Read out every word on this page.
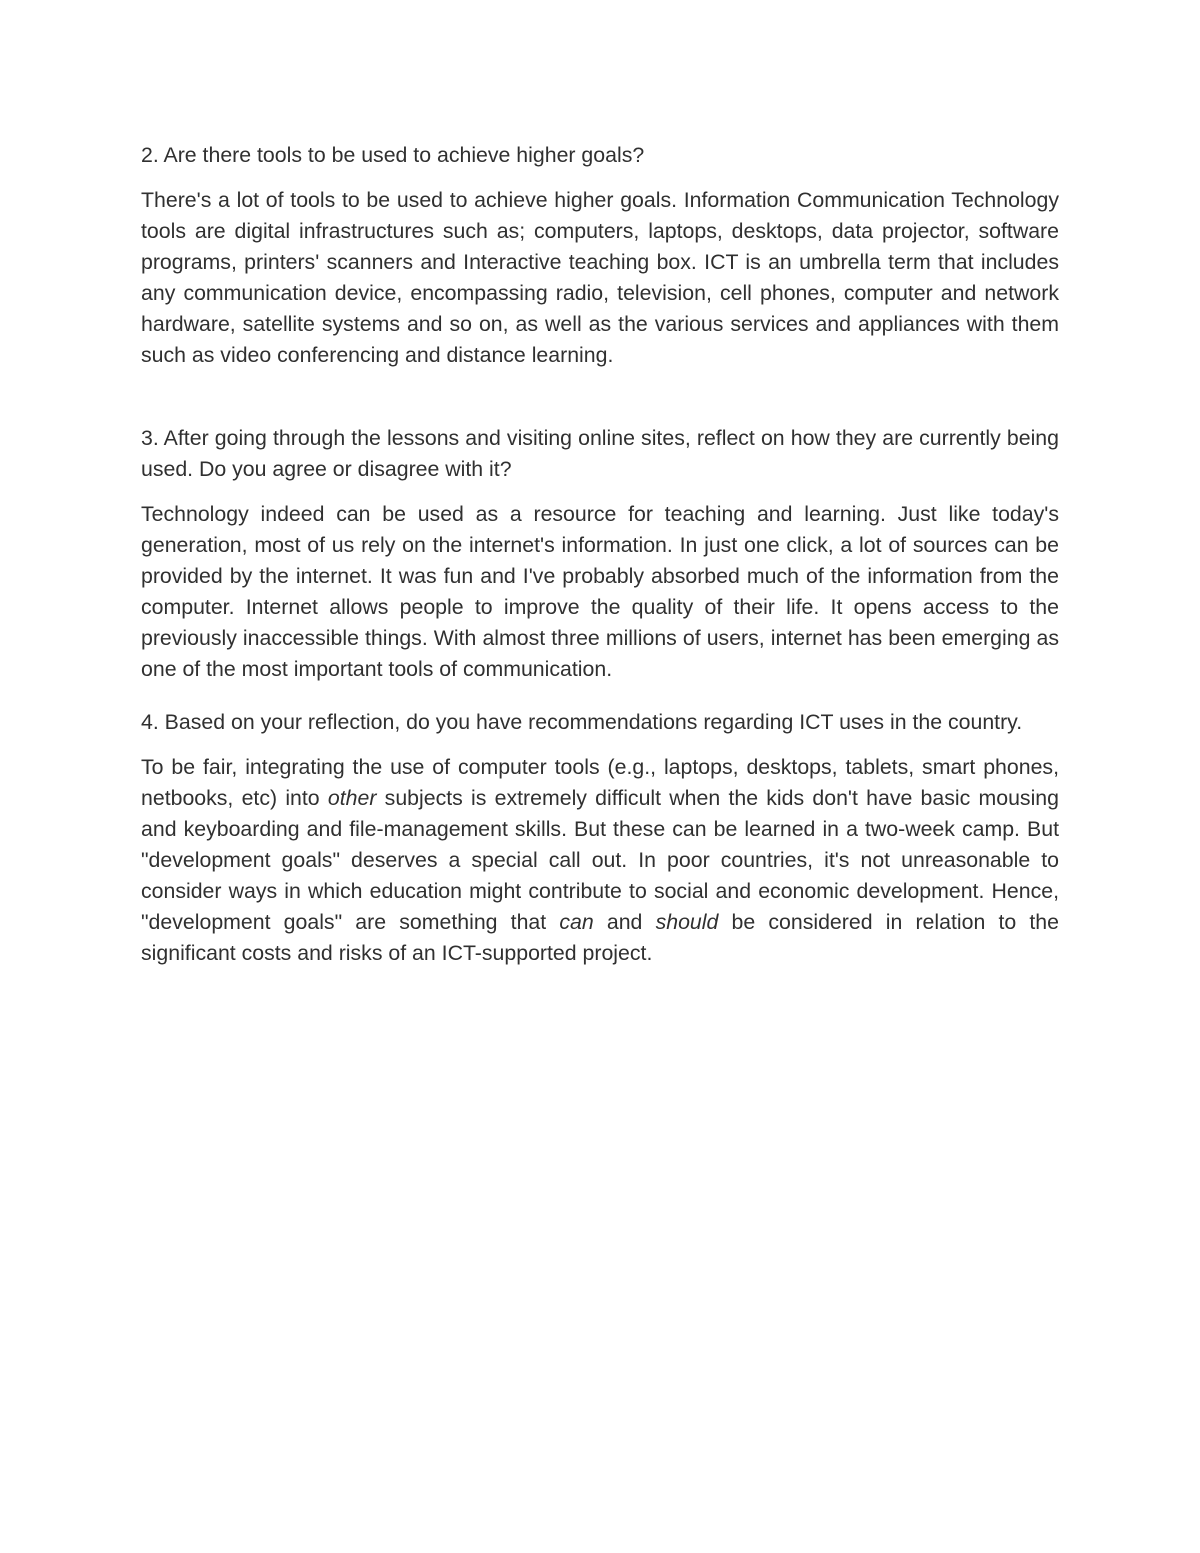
2. Are there tools to be used to achieve higher goals?

There's a lot of tools to be used to achieve higher goals. Information Communication Technology tools are digital infrastructures such as; computers, laptops, desktops, data projector, software programs, printers' scanners and Interactive teaching box. ICT is an umbrella term that includes any communication device, encompassing radio, television, cell phones, computer and network hardware, satellite systems and so on, as well as the various services and appliances with them such as video conferencing and distance learning.

3. After going through the lessons and visiting online sites, reflect on how they are currently being used. Do you agree or disagree with it?

Technology indeed can be used as a resource for teaching and learning. Just like today's generation, most of us rely on the internet's information. In just one click, a lot of sources can be provided by the internet. It was fun and I've probably absorbed much of the information from the computer. Internet allows people to improve the quality of their life. It opens access to the previously inaccessible things. With almost three millions of users, internet has been emerging as one of the most important tools of communication.

4. Based on your reflection, do you have recommendations regarding ICT uses in the country.

To be fair, integrating the use of computer tools (e.g., laptops, desktops, tablets, smart phones, netbooks, etc) into other subjects is extremely difficult when the kids don't have basic mousing and keyboarding and file-management skills. But these can be learned in a two-week camp. But "development goals" deserves a special call out. In poor countries, it's not unreasonable to consider ways in which education might contribute to social and economic development. Hence, "development goals" are something that can and should be considered in relation to the significant costs and risks of an ICT-supported project.
